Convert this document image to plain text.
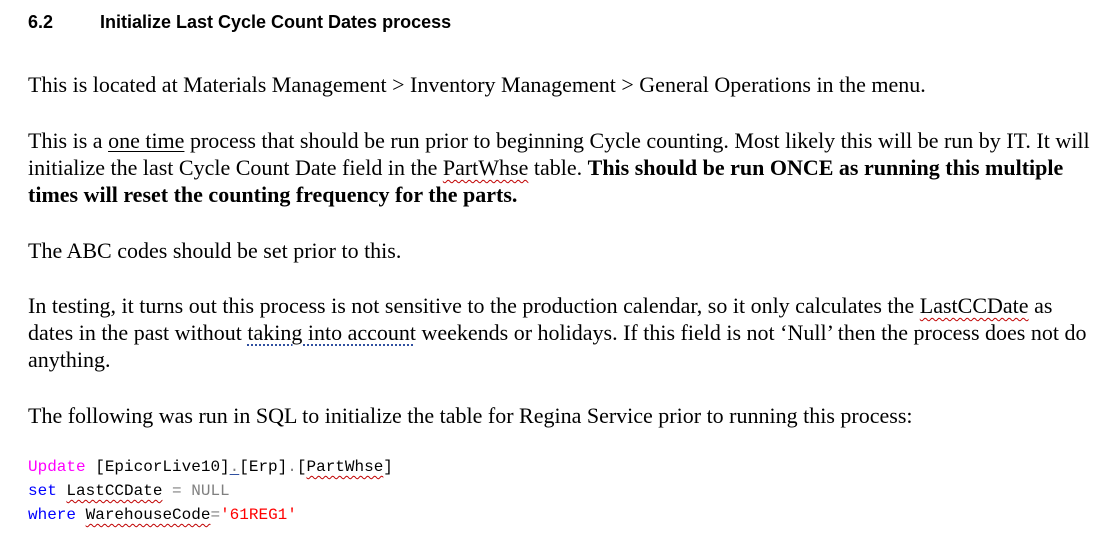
6.2	Initialize Last Cycle Count Dates process
This is located at Materials Management > Inventory Management > General Operations in the menu.
This is a one time process that should be run prior to beginning Cycle counting. Most likely this will be run by IT. It will initialize the last Cycle Count Date field in the PartWhse table. This should be run ONCE as running this multiple times will reset the counting frequency for the parts.
The ABC codes should be set prior to this.
In testing, it turns out this process is not sensitive to the production calendar, so it only calculates the LastCCDate as dates in the past without taking into account weekends or holidays. If this field is not ‘Null’ then the process does not do anything.
The following was run in SQL to initialize the table for Regina Service prior to running this process:
Update [EpicorLive10].[Erp].[PartWhse]
set LastCCDate = NULL
where WarehouseCode='61REG1'
